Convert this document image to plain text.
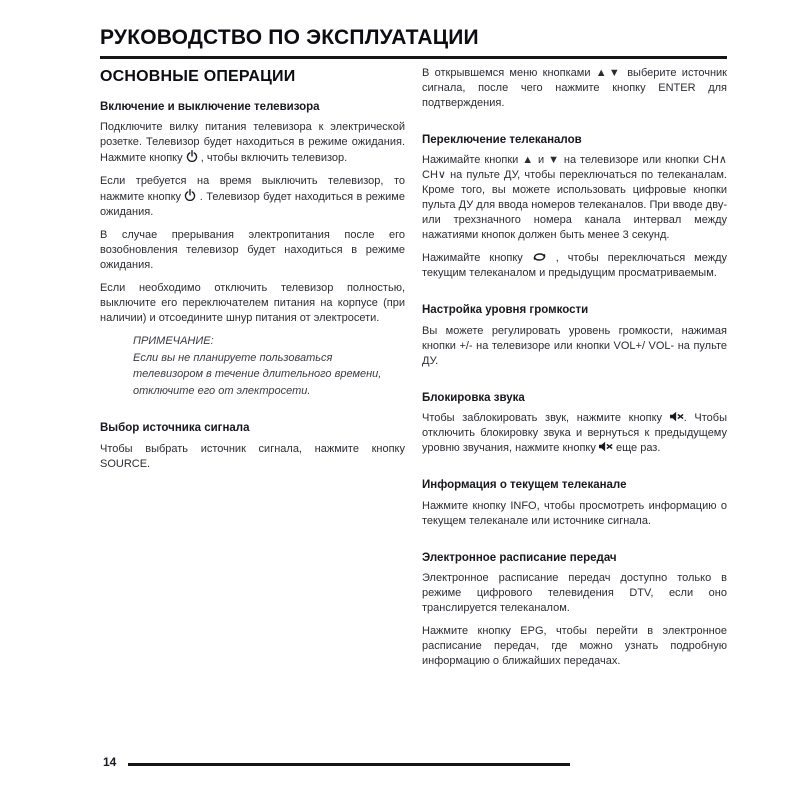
РУКОВОДСТВО ПО ЭКСПЛУАТАЦИИ
ОСНОВНЫЕ ОПЕРАЦИИ
Включение и выключение телевизора

Подключите вилку питания телевизора к электрической розетке. Телевизор будет находиться в режиме ожидания. Нажмите кнопку  , чтобы включить телевизор.

Если требуется на время выключить телевизор, то нажмите кнопку  . Телевизор будет находиться в режиме ожидания.

В случае прерывания электропитания после его возобновления телевизор будет находиться в режиме ожидания.

Если необходимо отключить телевизор полностью, выключите его переключателем питания на корпусе (при наличии) и отсоедините шнур питания от электросети.

ПРИМЕЧАНИЕ:
Если вы не планируете пользоваться телевизором в течение длительного времени, отключите его от электросети.
Выбор источника сигнала

Чтобы выбрать источник сигнала, нажмите кнопку SOURCE.

В открывшемся меню кнопками ▲▼ выберите источник сигнала, после чего нажмите кнопку ENTER для подтверждения.

Переключение телеканалов

Нажимайте кнопки ▲ и ▼ на телевизоре или кнопки CH∧ CH∨ на пульте ДУ, чтобы переключаться по телеканалам. Кроме того, вы можете использовать цифровые кнопки пульта ДУ для ввода номеров телеканалов. При вводе дву- или трехзначного номера канала интервал между нажатиями кнопок должен быть менее 3 секунд.

Нажимайте кнопку  , чтобы переключаться между текущим телеканалом и предыдущим просматриваемым.

Настройка уровня громкости

Вы можете регулировать уровень громкости, нажимая кнопки +/- на телевизоре или кнопки VOL+/ VOL- на пульте ДУ.

Блокировка звука

Чтобы заблокировать звук, нажмите кнопку . Чтобы отключить блокировку звука и вернуться к предыдущему уровню звучания, нажмите кнопку  еще раз.

Информация о текущем телеканале

Нажмите кнопку INFO, чтобы просмотреть информацию о текущем телеканале или источнике сигнала.

Электронное расписание передач

Электронное расписание передач доступно только в режиме цифрового телевидения DTV, если оно транслируется телеканалом.

Нажмите кнопку EPG, чтобы перейти в электронное расписание передач, где можно узнать подробную информацию о ближайших передачах.

14
